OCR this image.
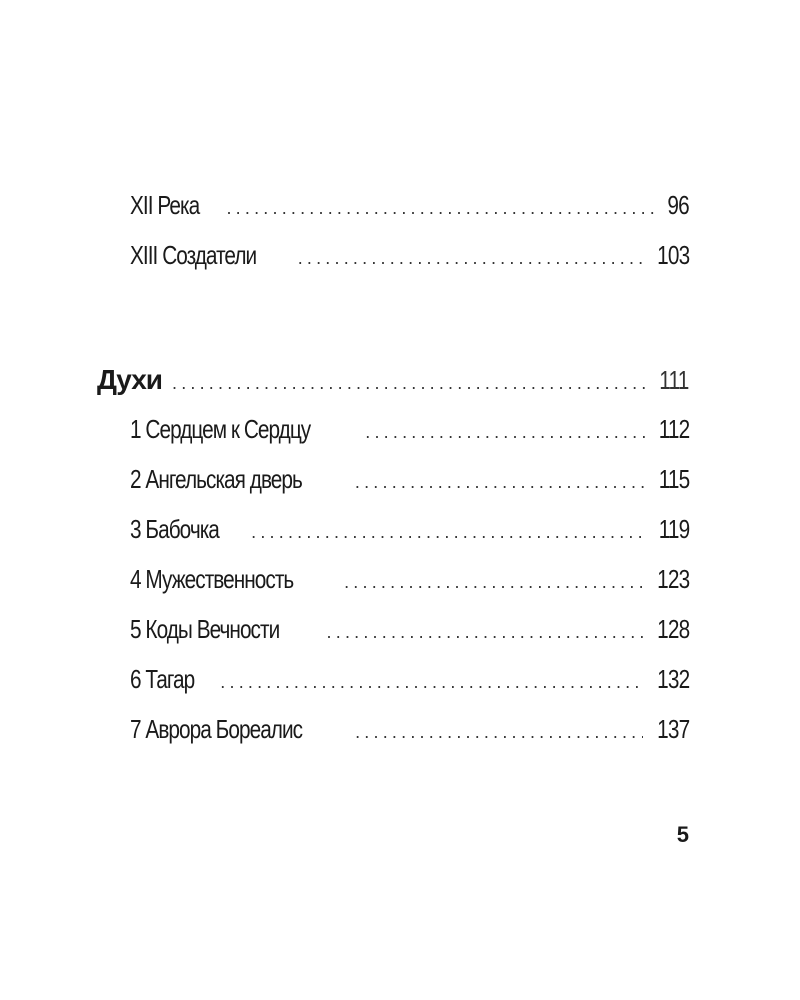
XII Река . . .	96
XIII Создатели . . .	103
Духи . . .	111
1 Сердцем к Сердцу . . .	112
2 Ангельская дверь . . .	115
3 Бабочка . . .	119
4 Мужественность . . .	123
5 Коды Вечности . . .	128
6 Тагар . . .	132
7 Аврора Бореалис . . .	137
5
